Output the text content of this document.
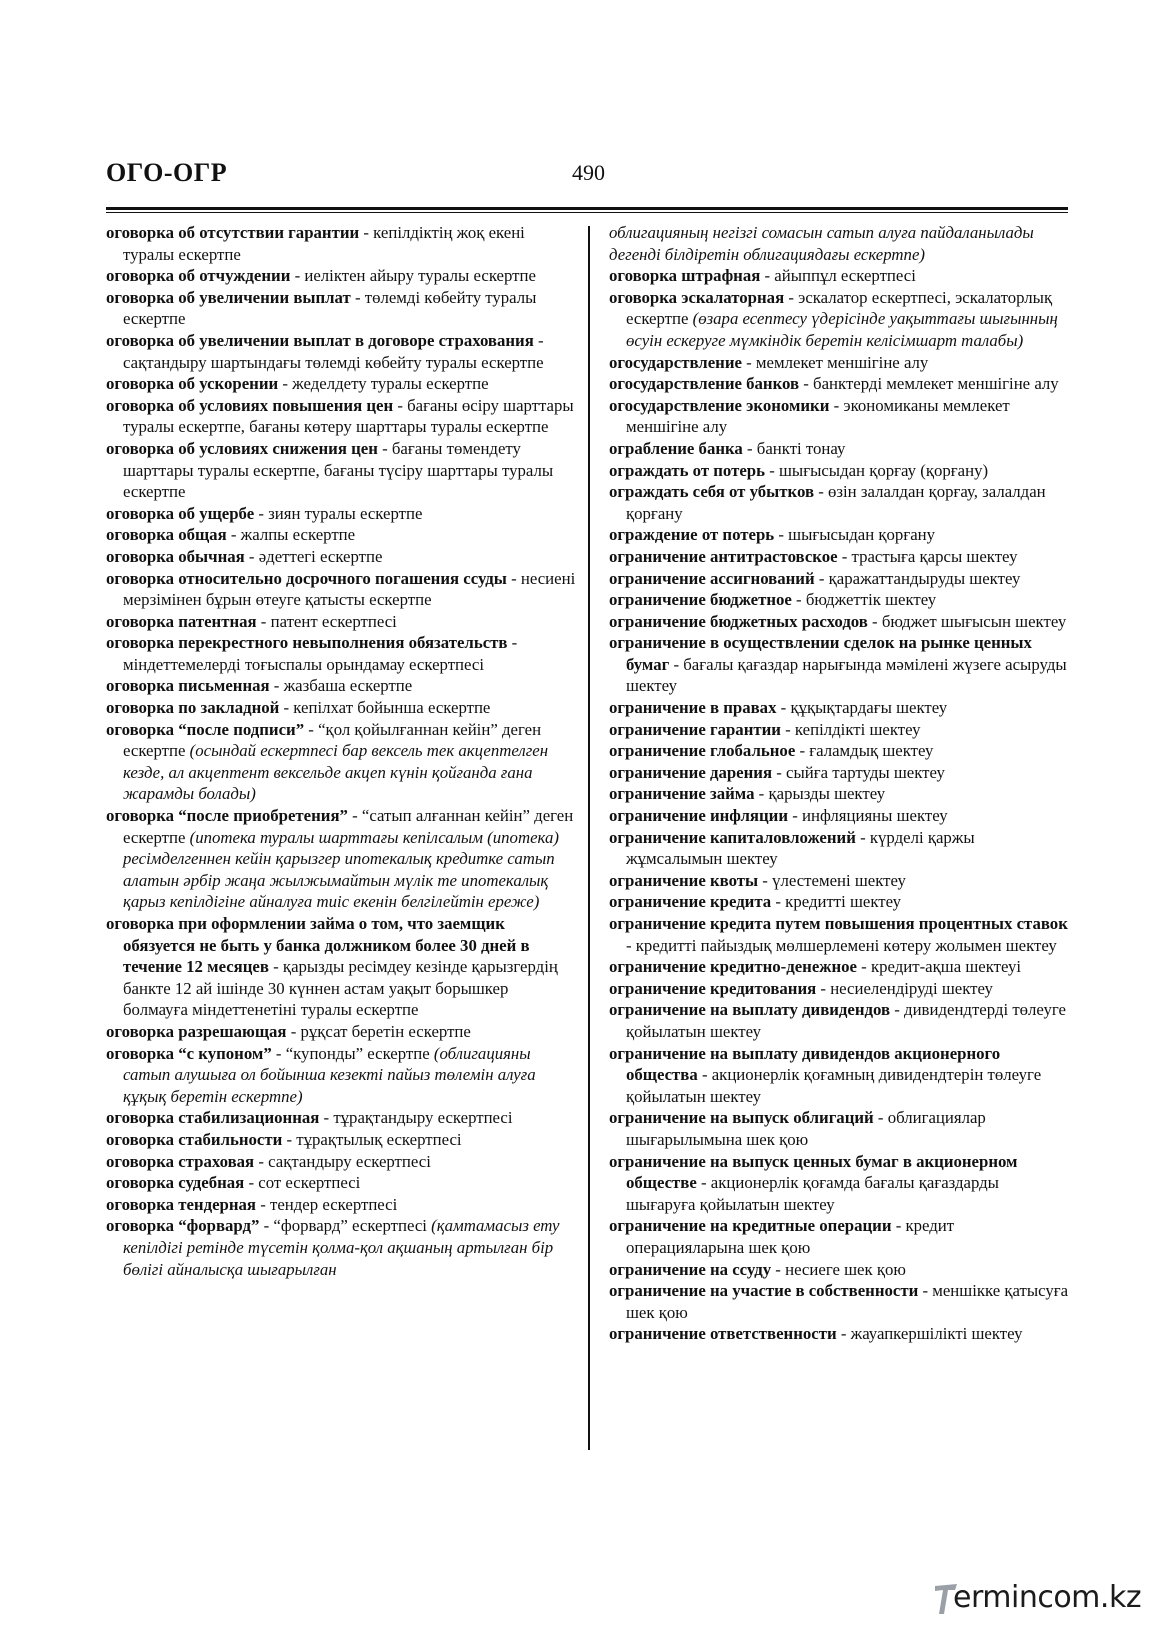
ОГО-ОГР	490

оговорка об отсутствии гарантии - кепілдіктің жоқ екені туралы ескертпе

оговорка об отчуждении - иеліктен айыру туралы ескертпе

оговорка об увеличении выплат - төлемді көбейту туралы ескертпе

оговорка об увеличении выплат в договоре страхования - сақтандыру шартындағы төлемді көбейту туралы ескертпе

оговорка об ускорении - жеделдету туралы ескертпе

оговорка об условиях повышения цен - бағаны өсіру шарттары туралы ескертпе, бағаны көтеру шарттары туралы ескертпе

оговорка об условиях снижения цен - бағаны төмендету шарттары туралы ескертпе, бағаны түсіру шарттары туралы ескертпе

оговорка об ущербе - зиян туралы ескертпе

оговорка общая - жалпы ескертпе

оговорка обычная - әдеттегі ескертпе

оговорка относительно досрочного погашения ссуды - несиені мерзімінен бұрын өтеуге қатысты ескертпе

оговорка патентная - патент ескертпесі

оговорка перекрестного невыполнения обязательств - міндеттемелерді тоғыспалы орындамау ескертпесі

оговорка письменная - жазбаша ескертпе

оговорка по закладной - кепілхат бойынша ескертпе

оговорка “после подписи” - “қол қойылғаннан кейін” деген ескертпе (осындай ескертпесі бар вексель тек акцептелген кезде, ал акцептент вексельде акцеп күнін қойғанда ғана жарамды болады)

оговорка “после приобретения” - “сатып алғаннан кейін” деген ескертпе (ипотека туралы шарттағы кепілсалым (ипотека) ресімделгеннен кейін қарызгер ипотекалық кредитке сатып алатын әрбір жаңа жылжымайтын мүлік те ипотекалық қарыз кепілдігіне айналуға тиіс екенін белгілейтін ереже)

оговорка при оформлении займа о том, что заемщик обязуется не быть у банка должником более 30 дней в течение 12 месяцев - қарызды ресімдеу кезінде қарызгердің банкте 12 ай ішінде 30 күннен астам уақыт борышкер болмауға міндеттенетіні туралы ескертпе

оговорка разрешающая - рұқсат беретін ескертпе

оговорка “с купоном” - “купонды” ескертпе (облигацияны сатып алушыға ол бойынша кезекті пайыз төлемін алуға құқық беретін ескертпе)

оговорка стабилизационная - тұрақтандыру ескертпесі

оговорка стабильности - тұрақтылық ескертпесі

оговорка страховая - сақтандыру ескертпесі

оговорка судебная - сот ескертпесі

оговорка тендерная - тендер ескертпесі

оговорка “форвард” - “форвард” ескертпесі (қамтамасыз ету кепілдігі ретінде түсетін қолма-қол ақшаның артылған бір бөлігі айналысқа шығарылған

облигацияның негізгі сомасын сатып алуға пайдаланылады дегенді білдіретін облигациядағы ескертпе)

оговорка штрафная - айыппұл ескертпесі

оговорка эскалаторная - эскалатор ескертпесі, эскалаторлық ескертпе (өзара есептесу үдерісінде уақыттағы шығынның өсуін ескеруге мүмкіндік беретін келісімшарт талабы)

огосударствление - мемлекет меншігіне алу

огосударствление банков - банктерді мемлекет меншігіне алу

огосударствление экономики - экономиканы мемлекет меншігіне алу

ограбление банка - банкті тонау

ограждать от потерь - шығысыдан қорғау (қорғану)

ограждать себя от убытков - өзін залалдан қорғау, залалдан қорғану

ограждение от потерь - шығысыдан қорғану

ограничение антитрастовское - трастыға қарсы шектеу

ограничение ассигнований - қаражаттандыруды шектеу

ограничение бюджетное - бюджеттік шектеу

ограничение бюджетных расходов - бюджет шығысын шектеу

ограничение в осуществлении сделок на рынке ценных бумаг - бағалы қағаздар нарығында мәміленi жүзеге асыруды шектеу

ограничение в правах - құқықтардағы шектеу

ограничение гарантии - кепілдікті шектеу

ограничение глобальное - ғаламдық шектеу

ограничение дарения - сыйға тартуды шектеу

ограничение займа - қарызды шектеу

ограничение инфляции - инфляцияны шектеу

ограничение капиталовложений - күрделі қаржы жұмсалымын шектеу

ограничение квоты - үлестемені шектеу

ограничение кредита - кредитті шектеу

ограничение кредита путем повышения процентных ставок - кредитті пайыздық мөлшерлемені көтеру жолымен шектеу

ограничение кредитно-денежное - кредит-ақша шектеуі

ограничение кредитования - несиелендіруді шектеу

ограничение на выплату дивидендов - дивидендтерді төлеуге қойылатын шектеу

ограничение на выплату дивидендов акционерного общества - акционерлік қоғамның дивидендтерін төлеуге қойылатын шектеу

ограничение на выпуск облигаций - облигациялар шығарылымына шек қою

ограничение на выпуск ценных бумаг в акционерном обществе - акционерлік қоғамда бағалы қағаздарды шығаруға қойылатын шектеу

ограничение на кредитные операции - кредит операцияларына шек қою

ограничение на ссуду - несиеге шек қою

ограничение на участие в собственности - меншікке қатысуға шек қою

ограничение ответственности - жауапкершілікті шектеу

ermincom.kz
